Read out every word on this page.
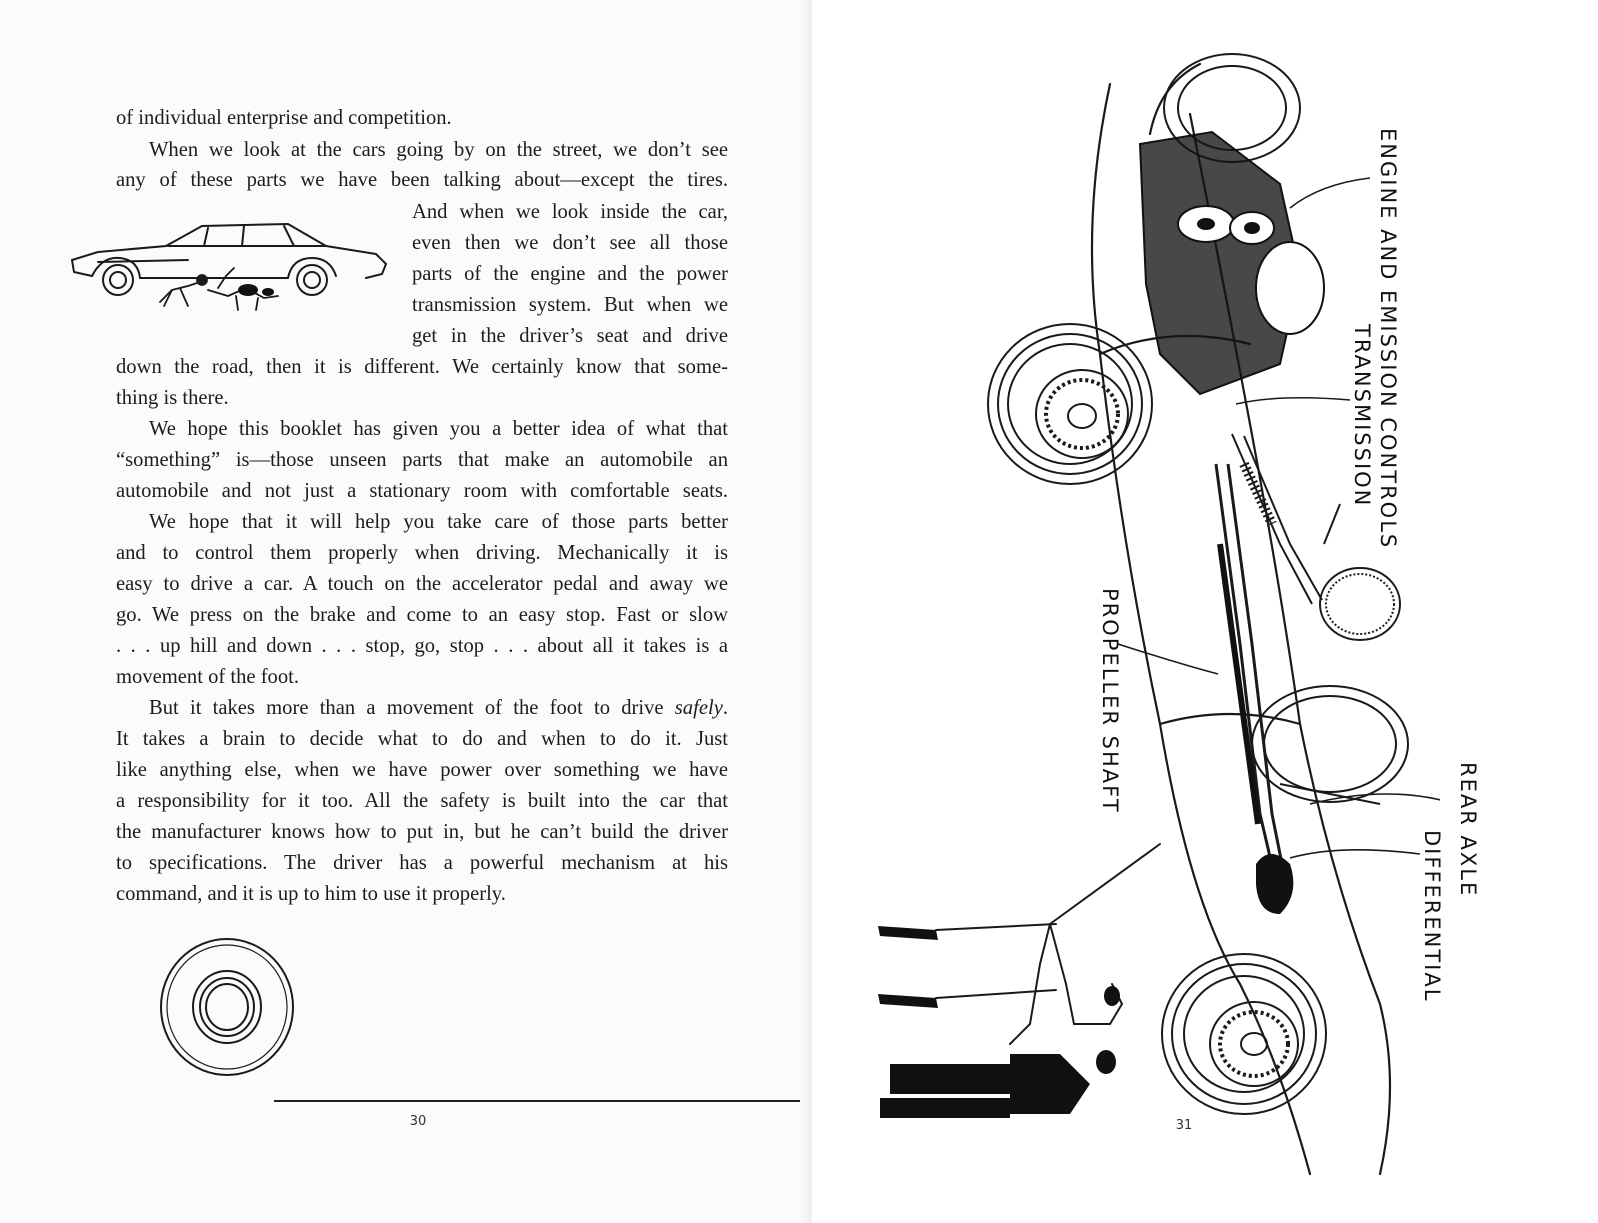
of individual enterprise and competition.
When we look at the cars going by on the street, we don’t see
any of these parts we have been talking about—except the tires.
And when we look inside the car,
even then we don’t see all those
parts of the engine and the power
transmission system. But when we
get in the driver’s seat and drive
down the road, then it is different. We certainly know that some-
thing is there.
We hope this booklet has given you a better idea of what that
“something” is—those unseen parts that make an automobile an
automobile and not just a stationary room with comfortable seats.
We hope that it will help you take care of those parts better
and to control them properly when driving. Mechanically it is
easy to drive a car. A touch on the accelerator pedal and away we
go. We press on the brake and come to an easy stop. Fast or slow
. . . up hill and down . . . stop, go, stop . . . about all it takes is a
movement of the foot.
But it takes more than a movement of the foot to drive safely.
It takes a brain to decide what to do and when to do it. Just
like anything else, when we have power over something we have
a responsibility for it too. All the safety is built into the car that
the manufacturer knows how to put in, but he can’t build the driver
to specifications. The driver has a powerful mechanism at his
command, and it is up to him to use it properly.
30	31
ENGINE AND EMISSION CONTROLS
TRANSMISSION
PROPELLER SHAFT
REAR AXLE
DIFFERENTIAL
